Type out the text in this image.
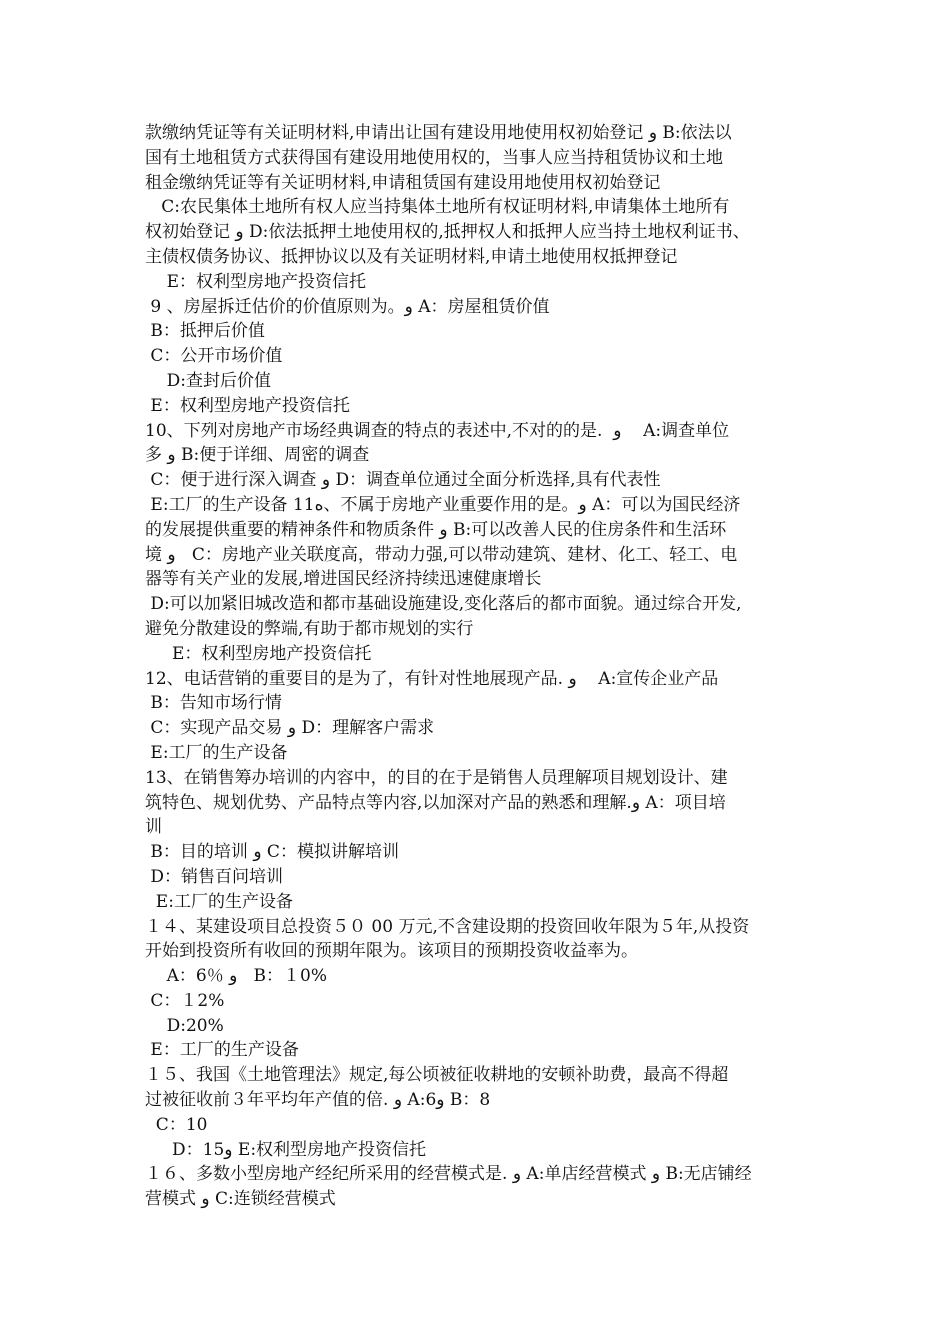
款缴纳凭证等有关证明材料,申请出让国有建设用地使用权初始登记 و B:依法以
国有土地租赁方式获得国有建设用地使用权的，当事人应当持租赁协议和土地
租金缴纳凭证等有关证明材料,申请租赁国有建设用地使用权初始登记
C:农民集体土地所有权人应当持集体土地所有权证明材料,申请集体土地所有
权初始登记 و D:依法抵押土地使用权的,抵押权人和抵押人应当持土地权利证书、
主债权债务协议、抵押协议以及有关证明材料,申请土地使用权抵押登记
E：权利型房地产投资信托
9 、房屋拆迁估价的价值原则为。و A：房屋租赁价值
B：抵押后价值
C：公开市场价值
D:查封后价值
E：权利型房地产投资信托
10、下列对房地产市场经典调查的特点的表述中,不对的的是.  و    A:调查单位
多 و B:便于详细、周密的调查
C：便于进行深入调查 و D：调查单位通过全面分析选择,具有代表性
E:工厂的生产设备 11ه、不属于房地产业重要作用的是。و A：可以为国民经济
的发展提供重要的精神条件和物质条件 و B:可以改善人民的住房条件和生活环
境 و   C：房地产业关联度高，带动力强,可以带动建筑、建材、化工、轻工、电
器等有关产业的发展,增进国民经济持续迅速健康增长
D:可以加紧旧城改造和都市基础设施建设,变化落后的都市面貌。通过综合开发,
避免分散建设的弊端,有助于都市规划的实行
E：权利型房地产投资信托
12、电话营销的重要目的是为了，有针对性地展现产品. و    A:宣传企业产品
B：告知市场行情
C：实现产品交易 و D：理解客户需求
E:工厂的生产设备
13、在销售筹办培训的内容中，的目的在于是销售人员理解项目规划设计、建
筑特色、规划优势、产品特点等内容,以加深对产品的熟悉和理解.و A：项目培
训
B：目的培训 و C：模拟讲解培训
D：销售百问培训
E:工厂的生产设备
１４、某建设项目总投资５０ 00 万元,不含建设期的投资回收年限为５年,从投资
开始到投资所有收回的预期年限为。该项目的预期投资收益率为。
A：6％ و   B：１0%
C：１2%
D:20%
E：工厂的生产设备
１５、我国《土地管理法》规定,每公顷被征收耕地的安顿补助费，最高不得超
过被征收前３年平均年产值的倍. و A:6و B：8
C：10
D：15و E:权利型房地产投资信托
１６、多数小型房地产经纪所采用的经营模式是. و A:单店经营模式 و B:无店铺经
营模式 و C:连锁经营模式
